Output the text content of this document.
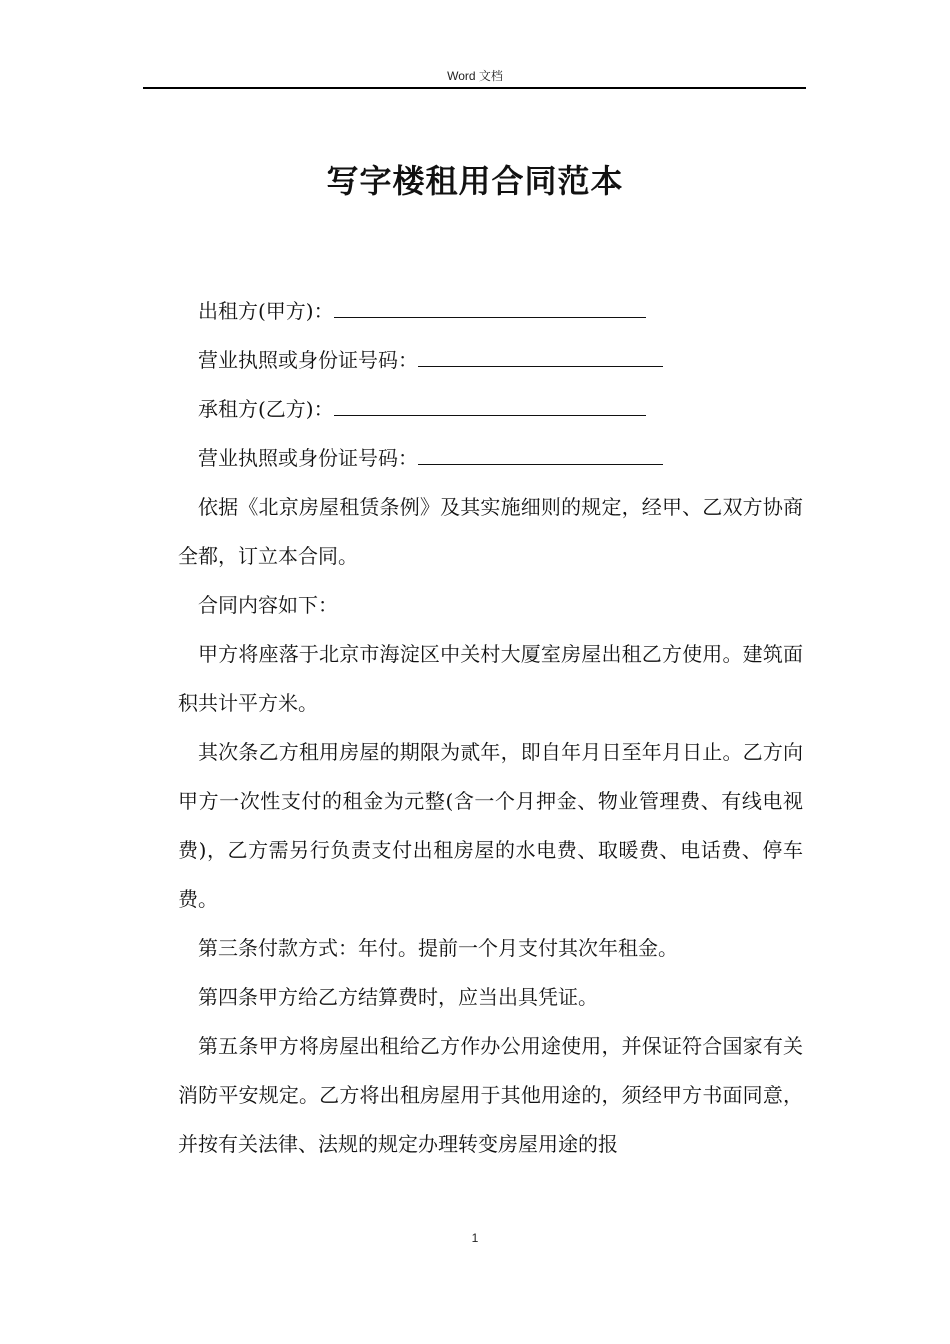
Word 文档
写字楼租用合同范本

出租方(甲方)：

营业执照或身份证号码：

承租方(乙方)：

营业执照或身份证号码：

依据《北京房屋租赁条例》及其实施细则的规定，经甲、乙双方协商全都，订立本合同。

合同内容如下：

甲方将座落于北京市海淀区中关村大厦室房屋出租乙方使用。建筑面积共计平方米。

其次条乙方租用房屋的期限为贰年，即自年月日至年月日止。乙方向甲方一次性支付的租金为元整(含一个月押金、物业管理费、有线电视费)，乙方需另行负责支付出租房屋的水电费、取暖费、电话费、停车费。

第三条付款方式：年付。提前一个月支付其次年租金。

第四条甲方给乙方结算费时，应当出具凭证。

第五条甲方将房屋出租给乙方作办公用途使用，并保证符合国家有关消防平安规定。乙方将出租房屋用于其他用途的，须经甲方书面同意，并按有关法律、法规的规定办理转变房屋用途的报

1
